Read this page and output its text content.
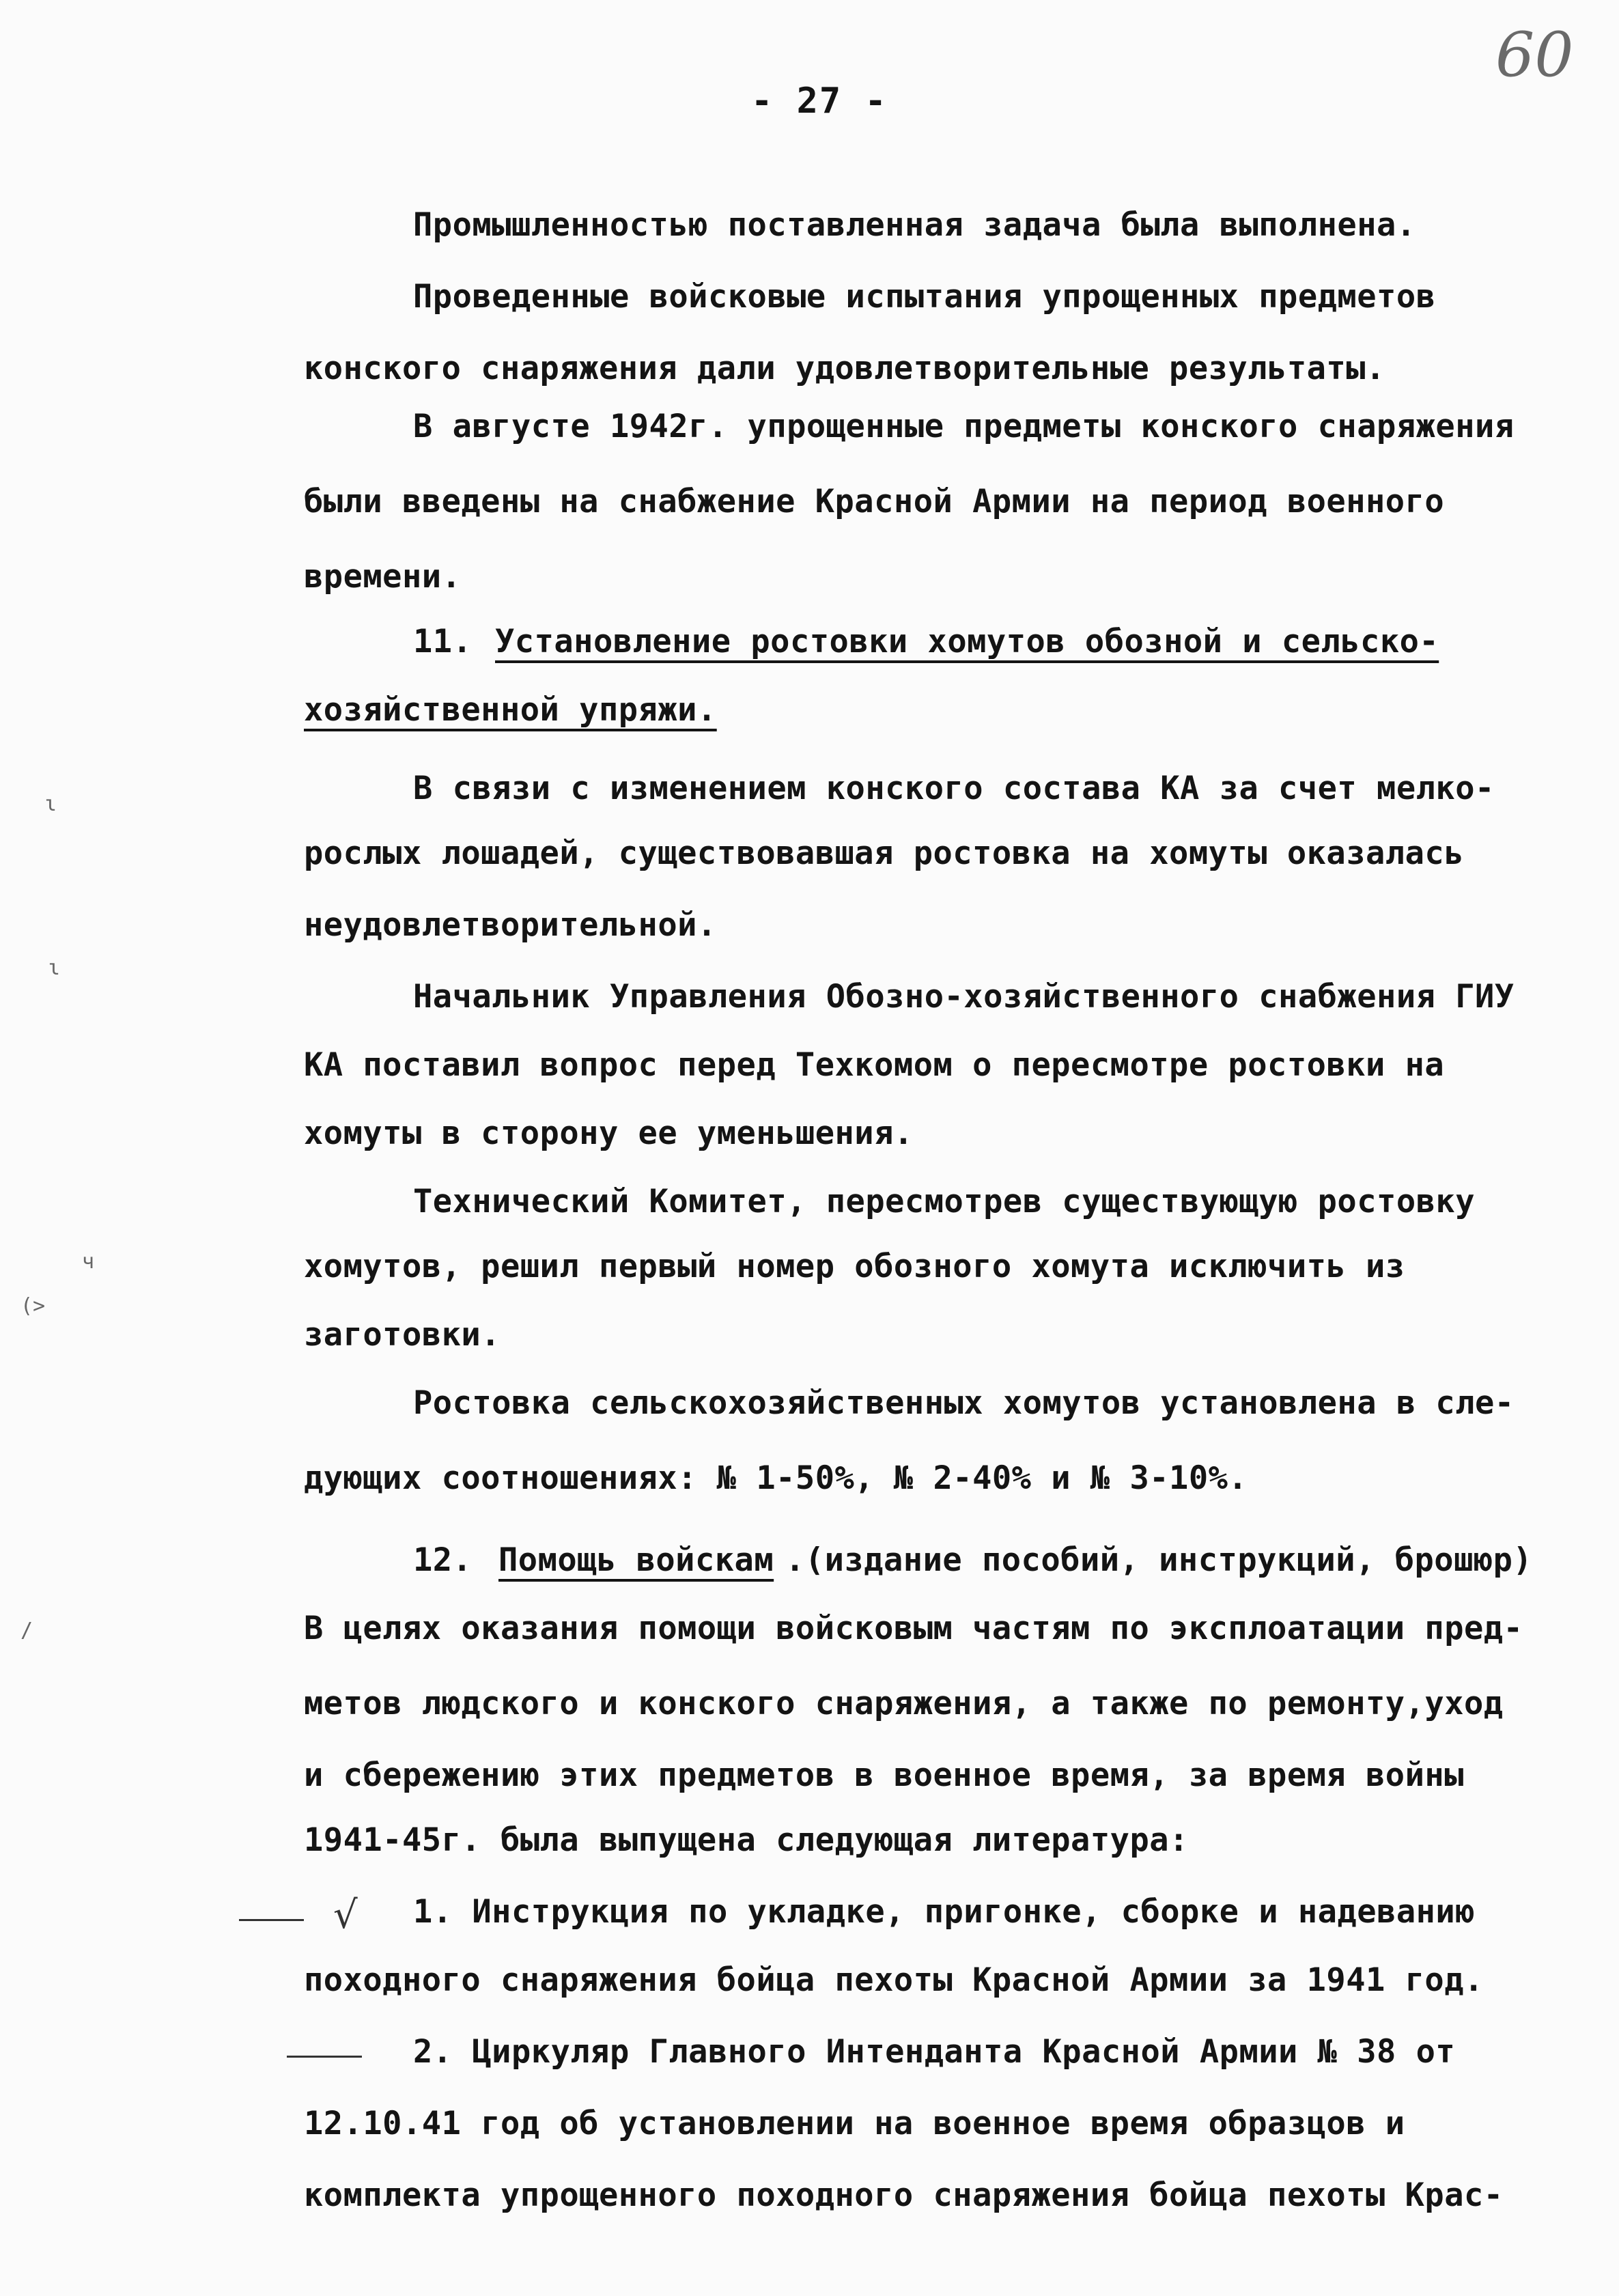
60
- 27 -
ч
(>
ɩ
/
ɩ
Промышленностью поставленная задача была выполнена.
Проведенные войсковые испытания упрощенных предметов
конского снаряжения дали удовлетворительные результаты.
В августе 1942г. упрощенные предметы конского снаряжения
были введены на снабжение Красной Армии на период военного
времени.
11. Установление ростовки хомутов обозной и сельско-
хозяйственной упряжи.
В связи с изменением конского состава КА за счет мелко-
рослых лошадей, существовавшая ростовка на хомуты оказалась
неудовлетворительной.
Начальник Управления Обозно-хозяйственного снабжения ГИУ
КА поставил вопрос перед Техкомом о пересмотре ростовки на
хомуты в сторону ее уменьшения.
Технический Комитет, пересмотрев существующую ростовку
хомутов, решил первый номер обозного хомута исключить из
заготовки.
Ростовка сельскохозяйственных хомутов установлена в сле-
дующих соотношениях: № 1-50%, № 2-40% и № 3-10%.
12. Помощь войскам .(издание пособий, инструкций, брошюр)
В целях оказания помощи войсковым частям по эксплоатации пред-
метов людского и конского снаряжения, а также по ремонту,уход
и сбережению этих предметов в военное время, за время войны
1941-45г. была выпущена следующая литература:
√ 1. Инструкция по укладке, пригонке, сборке и надеванию
походного снаряжения бойца пехоты Красной Армии за 1941 год.
2. Циркуляр Главного Интенданта Красной Армии № 38 от
12.10.41 год об установлении на военное время образцов и
комплекта упрощенного походного снаряжения бойца пехоты Крас-
